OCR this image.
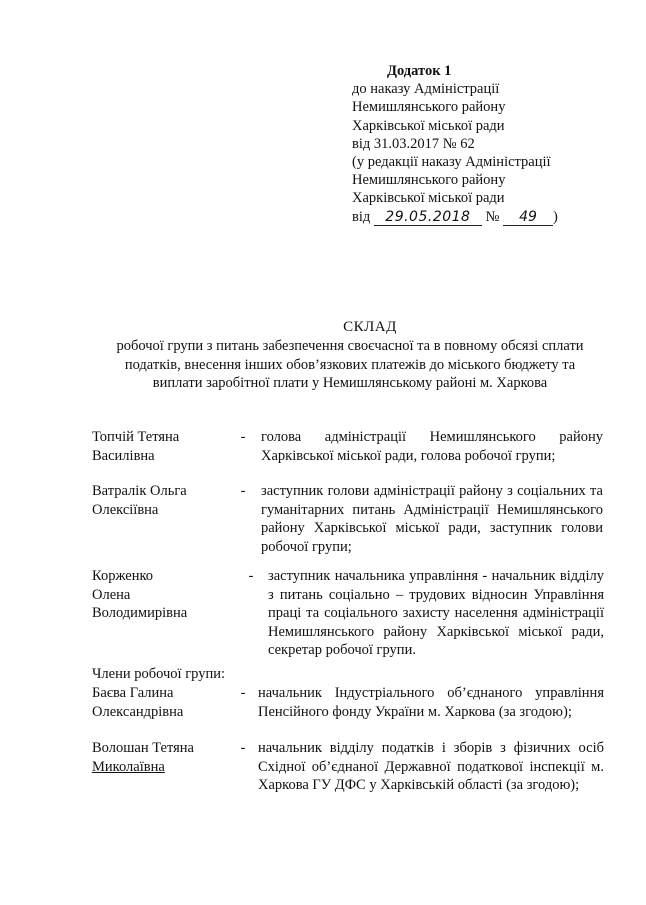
Додаток 1
до наказу Адміністрації
Немишлянського району
Харківської міської ради
від 31.03.2017 № 62
(у редакції наказу Адміністрації
Немишлянського району
Харківської міської ради
від 29.05.2018 № 49 )
СКЛАД
робочої групи з питань забезпечення своєчасної та в повному обсязі сплати
податків, внесення інших обов’язкових платежів до міського бюджету та
виплати заробітної плати у Немишлянському районі м. Харкова
Топчій Тетяна
Василівна
-	голова адміністрації Немишлянського району Харківської міської ради, голова робочої групи;
Ватралік Ольга
Олексіївна
-	заступник голови адміністрації району з соціальних та гуманітарних питань Адміністрації Немишлянського району Харківської міської ради, заступник голови робочої групи;
Корженко
Олена
Володимирівна
-	заступник начальника управління - начальник відділу з питань соціально – трудових відносин Управління праці та соціального захисту населення адміністрації Немишлянського району Харківської міської ради, секретар робочої групи.
Члени робочої групи:
Баєва Галина
Олександрівна
- начальник Індустріального об’єднаного управління Пенсійного фонду України м. Харкова (за згодою);
Волошан Тетяна
Миколаївна
- начальник відділу податків і зборів з фізичних осіб Східної об’єднаної Державної податкової інспекції м. Харкова ГУ ДФС у Харківській області (за згодою);
